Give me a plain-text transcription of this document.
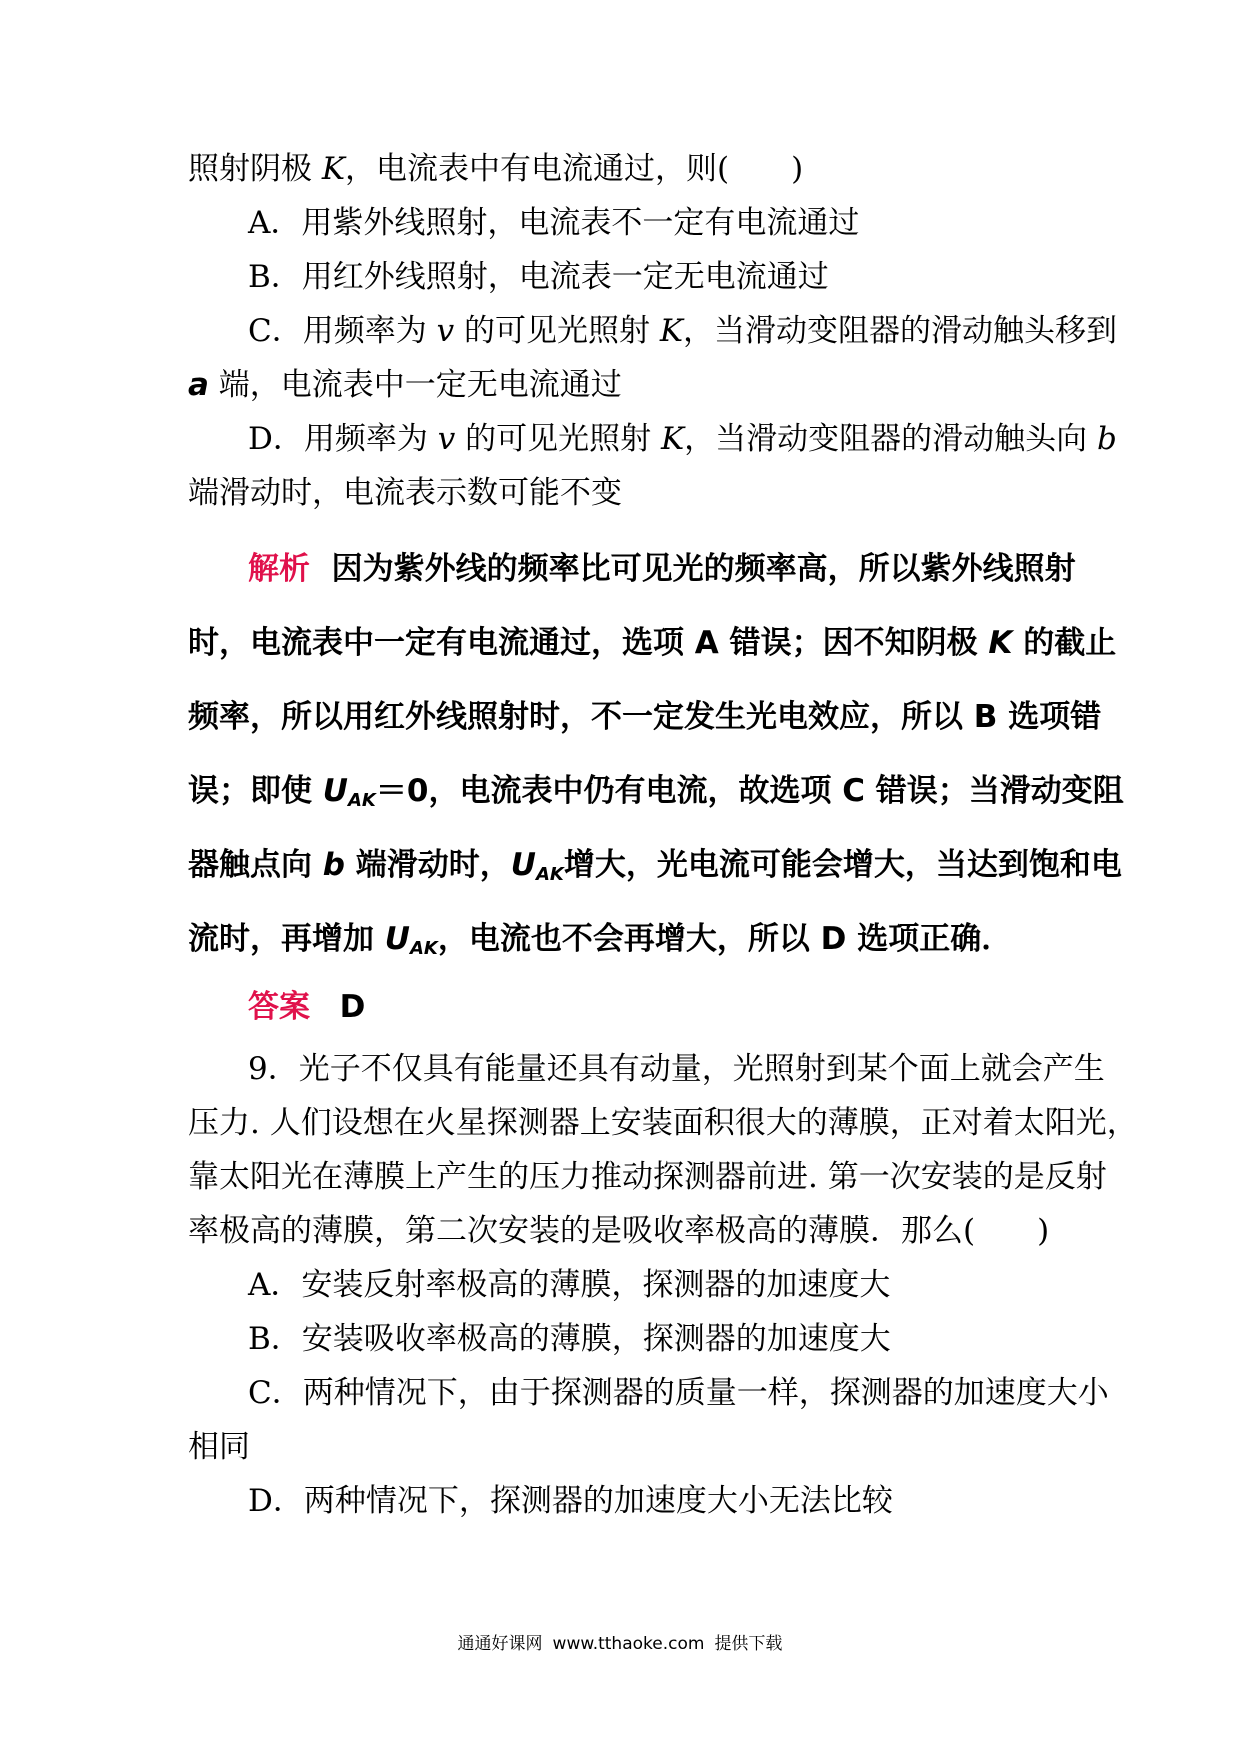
照射阴极 K，电流表中有电流通过，则(　　)
A．用紫外线照射，电流表不一定有电流通过
B．用红外线照射，电流表一定无电流通过
C．用频率为 v 的可见光照射 K，当滑动变阻器的滑动触头移到
a 端，电流表中一定无电流通过
D．用频率为 v 的可见光照射 K，当滑动变阻器的滑动触头向 b
端滑动时，电流表示数可能不变
解析 因为紫外线的频率比可见光的频率高，所以紫外线照射
时，电流表中一定有电流通过，选项 A 错误；因不知阴极 K 的截止
频率，所以用红外线照射时，不一定发生光电效应，所以 B 选项错
误；即使 $U_{AK}=0$，电流表中仍有电流，故选项 C 错误；当滑动变阻
器触点向 b 端滑动时，$U_{AK}$增大，光电流可能会增大，当达到饱和电
流时，再增加 $U_{AK}$，电流也不会再增大，所以 D 选项正确．
答案 D
9．光子不仅具有能量还具有动量，光照射到某个面上就会产生
压力. 人们设想在火星探测器上安装面积很大的薄膜，正对着太阳光，
靠太阳光在薄膜上产生的压力推动探测器前进. 第一次安装的是反射
率极高的薄膜，第二次安装的是吸收率极高的薄膜．那么(　　)
A．安装反射率极高的薄膜，探测器的加速度大
B．安装吸收率极高的薄膜，探测器的加速度大
C．两种情况下，由于探测器的质量一样，探测器的加速度大小
相同
D．两种情况下，探测器的加速度大小无法比较
通通好课网 www.tthaoke.com 提供下载
